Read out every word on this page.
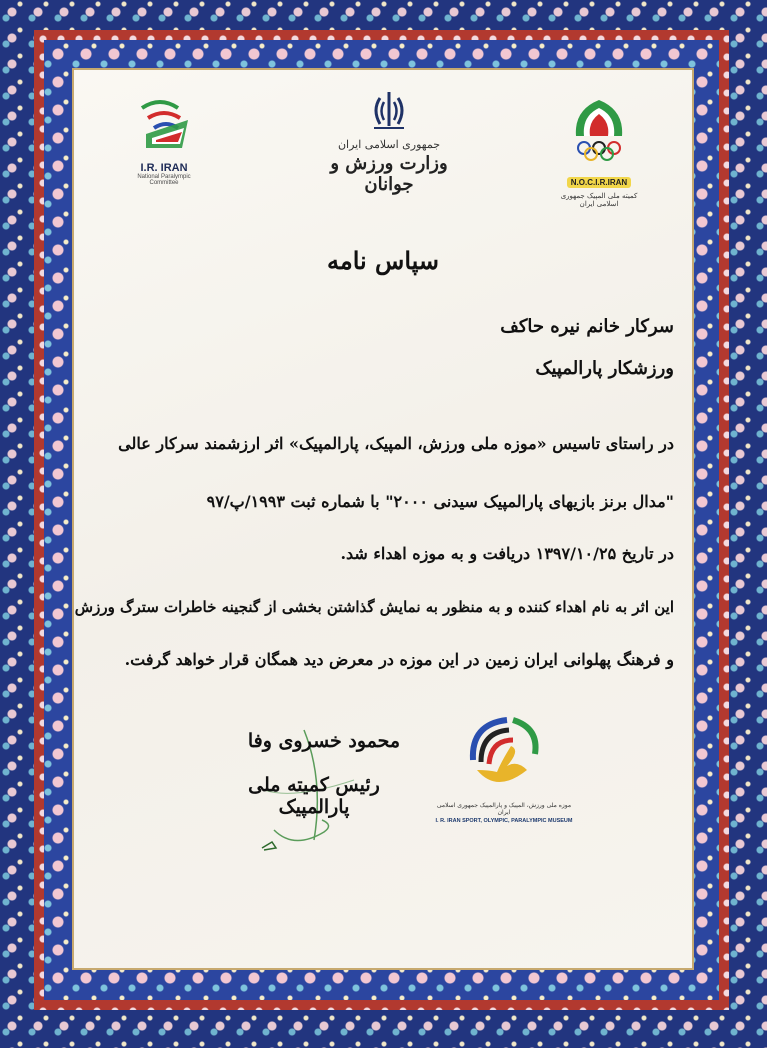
I.R. IRAN
National Paralympic Committee
جمهوری اسلامی ایران
وزارت ورزش و جوانان	N.O.C.I.R.IRAN
کمیته ملی المپیک جمهوری اسلامی ایران
سپاس نامه
سرکار خانم نیره حاکف
ورزشکار پارالمپیک
در راستای تاسیس «موزه ملی ورزش، المپیک، پارالمپیک» اثر ارزشمند سرکار عالی
"مدال برنز بازیهای پارالمپیک سیدنی ۲۰۰۰" با شماره ثبت ۱۹۹۳/پ/۹۷
در تاریخ ۱۳۹۷/۱۰/۲۵ دریافت و به موزه اهداء شد.
این اثر به نام اهداء کننده و به منظور به نمایش گذاشتن بخشی از گنجینه خاطرات سترگ ورزش
و فرهنگ پهلوانی ایران زمین در این موزه در معرض دید همگان قرار خواهد گرفت.
محمود خسروی وفا
رئیس کمیته ملی پارالمپیک	موزه ملی ورزش، المپیک و پارالمپیک جمهوری اسلامی ایران
I. R. IRAN SPORT, OLYMPIC, PARALYMPIC MUSEUM
